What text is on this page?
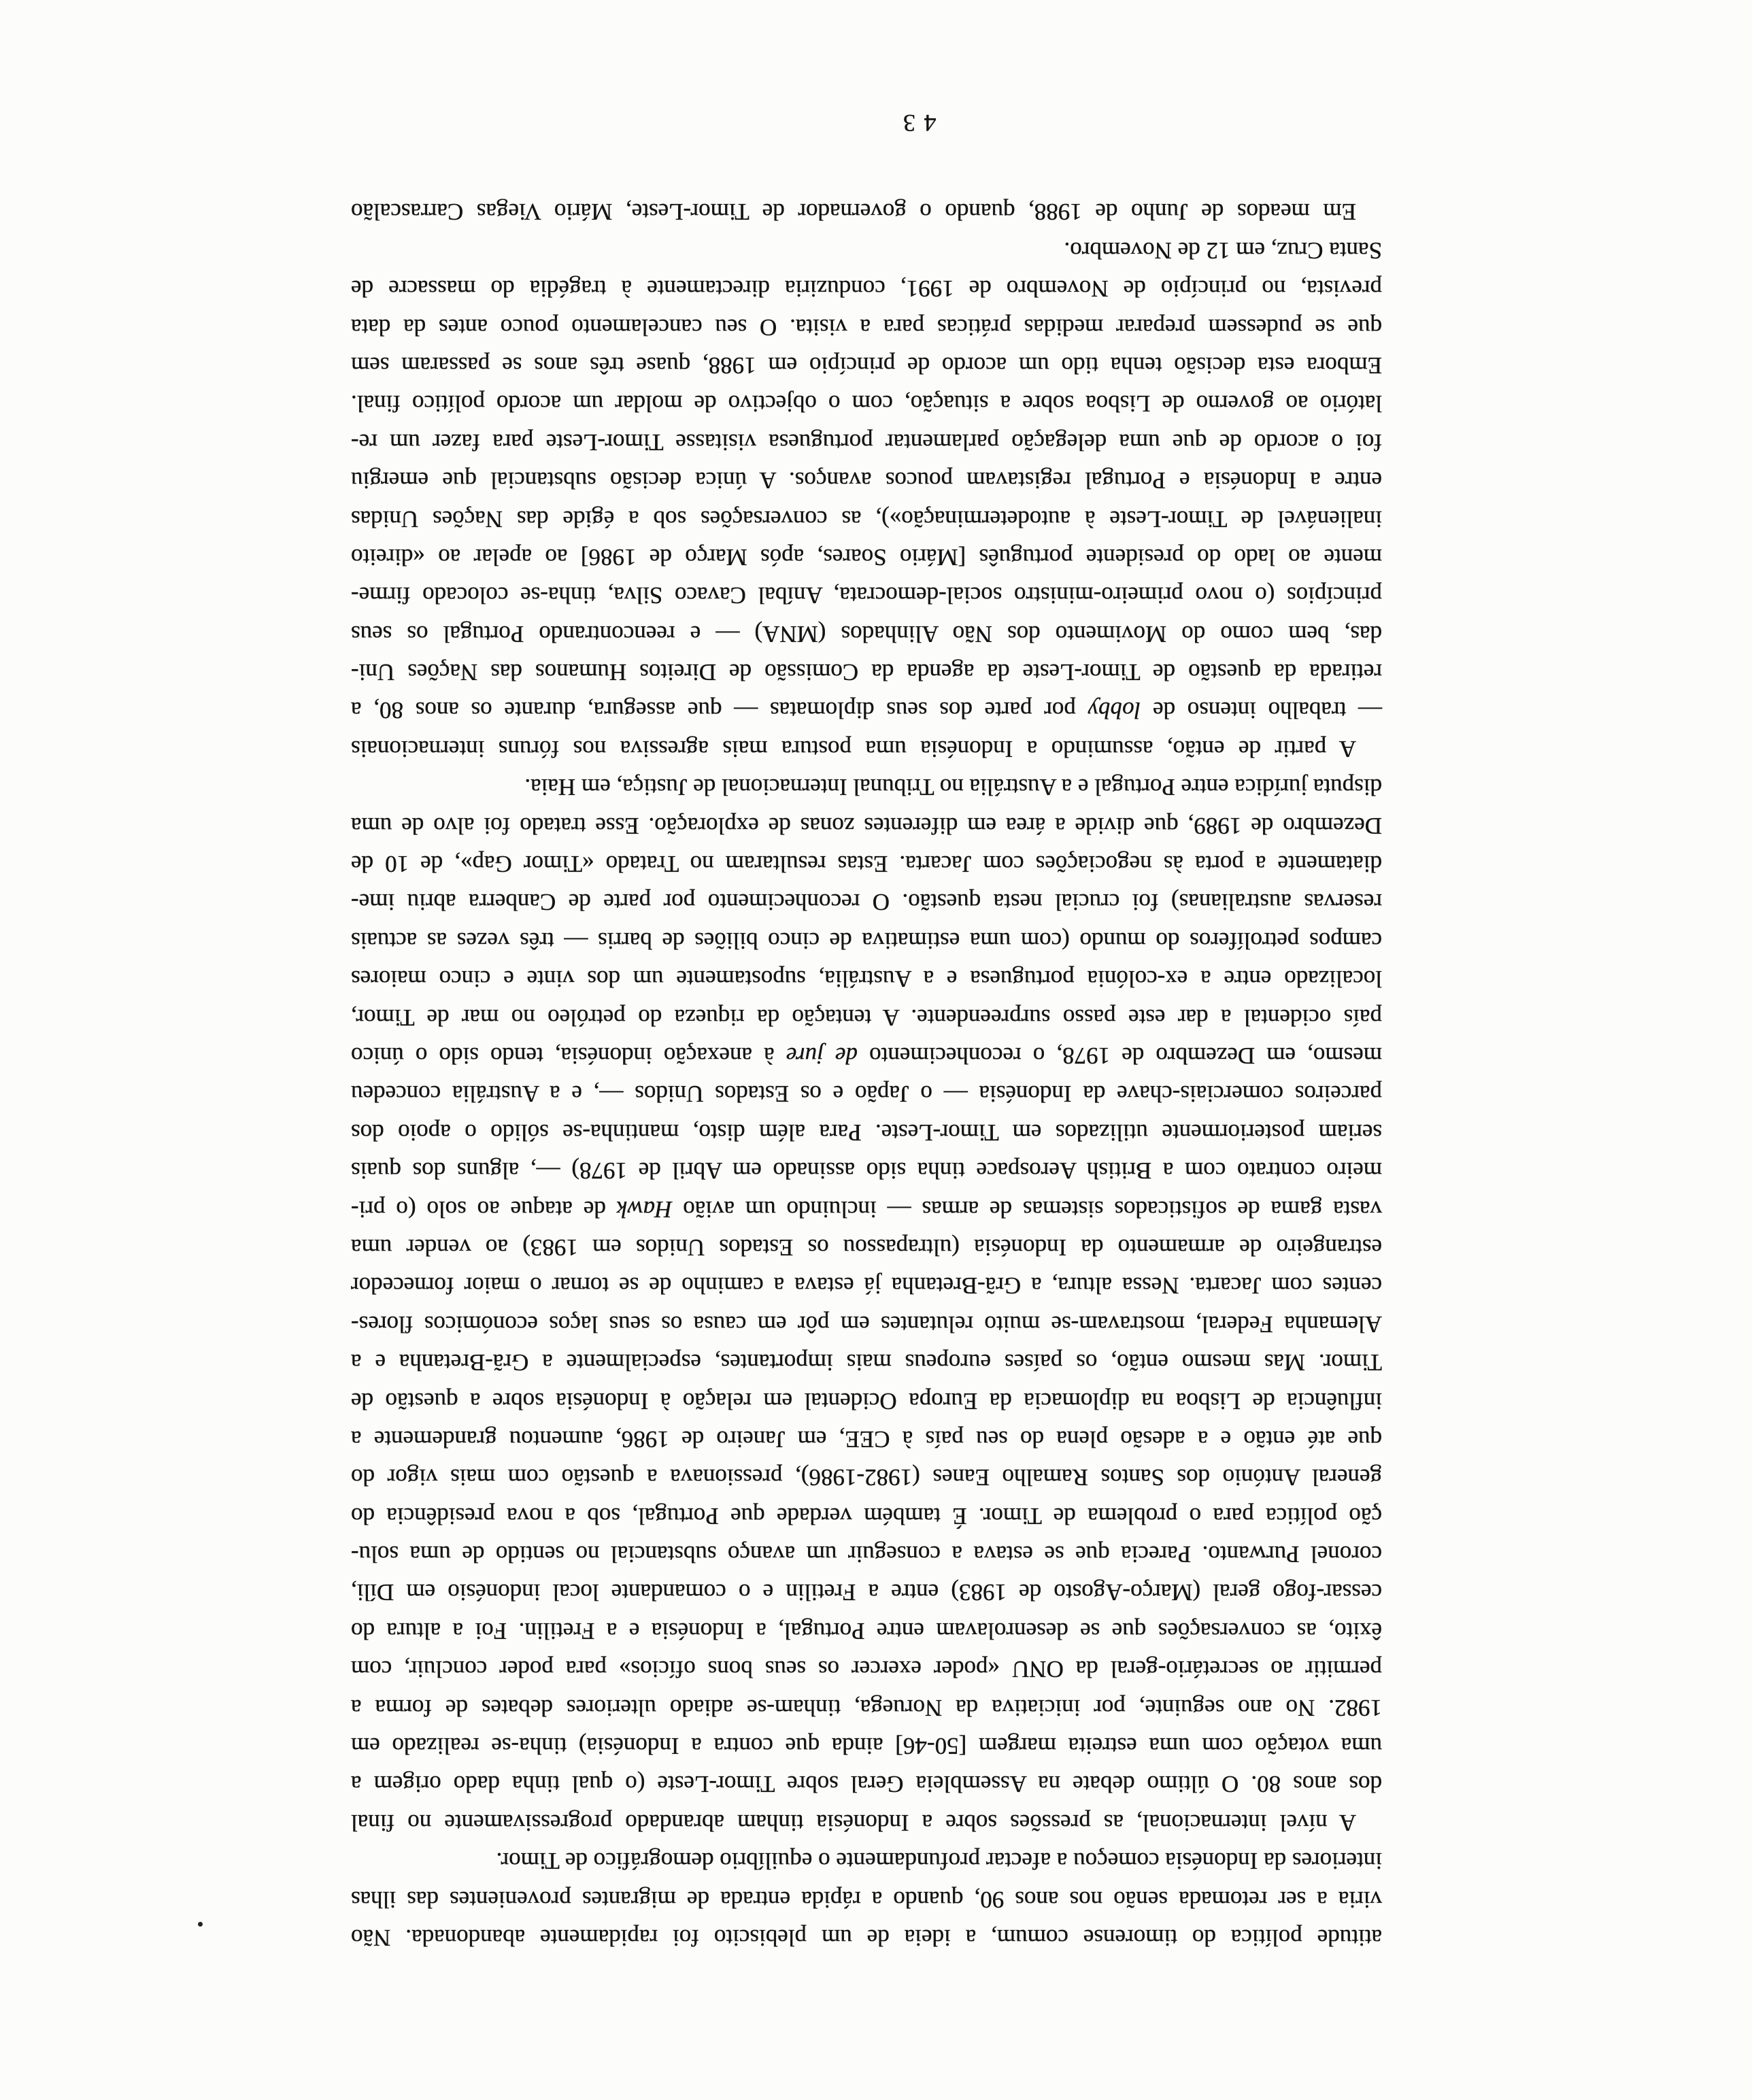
atitude política do timorense comum, a ideia de um plebiscito foi rapidamente abandonada. Não
viria a ser retomada senão nos anos 90, quando a rápida entrada de migrantes provenientes das ilhas
interiores da Indonésia começou a afectar profundamente o equilíbrio demográfico de Timor.
A nível internacional, as pressões sobre a Indonésia tinham abrandado progressivamente no final
dos anos 80. O último debate na Assembleia Geral sobre Timor-Leste (o qual tinha dado origem a
uma votação com uma estreita margem [50-46] ainda que contra a Indonésia) tinha-se realizado em
1982. No ano seguinte, por iniciativa da Noruega, tinham-se adiado ulteriores debates de forma a
permitir ao secretário-geral da ONU «poder exercer os seus bons ofícios» para poder concluir, com
êxito, as conversações que se desenrolavam entre Portugal, a Indonésia e a Fretilin. Foi a altura do
cessar-fogo geral (Março-Agosto de 1983) entre a Fretilin e o comandante local indonésio em Díli,
coronel Purwanto. Parecia que se estava a conseguir um avanço substancial no sentido de uma solu-
ção política para o problema de Timor. É também verdade que Portugal, sob a nova presidência do
general António dos Santos Ramalho Eanes (1982-1986), pressionava a questão com mais vigor do
que até então e a adesão plena do seu país à CEE, em Janeiro de 1986, aumentou grandemente a
influência de Lisboa na diplomacia da Europa Ocidental em relação à Indonésia sobre a questão de
Timor. Mas mesmo então, os países europeus mais importantes, especialmente a Grã-Bretanha e a
Alemanha Federal, mostravam-se muito relutantes em pôr em causa os seus laços económicos flores-
centes com Jacarta. Nessa altura, a Grã-Bretanha já estava a caminho de se tornar o maior fornecedor
estrangeiro de armamento da Indonésia (ultrapassou os Estados Unidos em 1983) ao vender uma
vasta gama de sofisticados sistemas de armas — incluindo um avião Hawk de ataque ao solo (o pri-
meiro contrato com a British Aerospace tinha sido assinado em Abril de 1978) —, alguns dos quais
seriam posteriormente utilizados em Timor-Leste. Para além disto, mantinha-se sólido o apoio dos
parceiros comerciais-chave da Indonésia — o Japão e os Estados Unidos —, e a Austrália concedeu
mesmo, em Dezembro de 1978, o reconhecimento de jure à anexação indonésia, tendo sido o único
país ocidental a dar este passo surpreendente. A tentação da riqueza do petróleo no mar de Timor,
localizado entre a ex-colónia portuguesa e a Austrália, supostamente um dos vinte e cinco maiores
campos petrolíferos do mundo (com uma estimativa de cinco biliões de barris — três vezes as actuais
reservas australianas) foi crucial nesta questão. O reconhecimento por parte de Canberra abriu ime-
diatamente a porta às negociações com Jacarta. Estas resultaram no Tratado «Timor Gap», de 10 de
Dezembro de 1989, que divide a área em diferentes zonas de exploração. Esse tratado foi alvo de uma
disputa jurídica entre Portugal e a Austrália no Tribunal Internacional de Justiça, em Haia.
A partir de então, assumindo a Indonésia uma postura mais agressiva nos fóruns internacionais
— trabalho intenso de lobby por parte dos seus diplomatas — que assegura, durante os anos 80, a
retirada da questão de Timor-Leste da agenda da Comissão de Direitos Humanos das Nações Uni-
das, bem como do Movimento dos Não Alinhados (MNA) — e reencontrando Portugal os seus
princípios (o novo primeiro-ministro social-democrata, Aníbal Cavaco Silva, tinha-se colocado firme-
mente ao lado do presidente português [Mário Soares, após Março de 1986] ao apelar ao «direito
inalienável de Timor-Leste à autodeterminação»), as conversações sob a égide das Nações Unidas
entre a Indonésia e Portugal registavam poucos avanços. A única decisão substancial que emergiu
foi o acordo de que uma delegação parlamentar portuguesa visitasse Timor-Leste para fazer um re-
latório ao governo de Lisboa sobre a situação, com o objectivo de moldar um acordo político final.
Embora esta decisão tenha tido um acordo de princípio em 1988, quase três anos se passaram sem
que se pudessem preparar medidas práticas para a visita. O seu cancelamento pouco antes da data
prevista, no princípio de Novembro de 1991, conduziria directamente à tragédia do massacre de
Santa Cruz, em 12 de Novembro.
Em meados de Junho de 1988, quando o governador de Timor-Leste, Mário Viegas Carrascalão
43
